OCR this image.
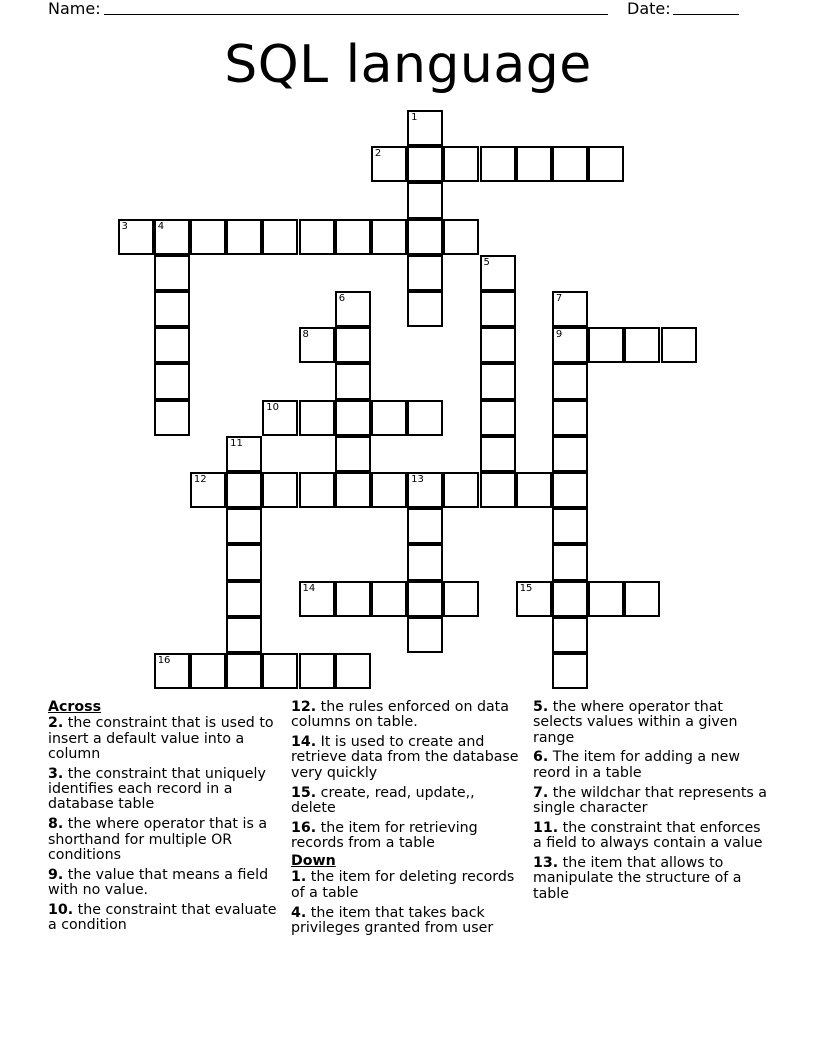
Name:	Date:
SQL language
1
2
3	4
5
6	7
9
8
10
11
12	13
14	15
16
Across
2. the constraint that is used to insert a default value into a column
3. the constraint that uniquely identifies each record in a database table
8. the where operator that is a shorthand for multiple OR conditions
9. the value that means a field with no value.
10. the constraint that evaluate a condition
12. the rules enforced on data columns on table.
14. It is used to create and retrieve data from the database very quickly
15. create, read, update,, delete
16. the item for retrieving records from a table
Down
1. the item for deleting records of a table
4. the item that takes back privileges granted from user
5. the where operator that selects values within a given range
6. The item for adding a new reord in a table
7. the wildchar that represents a single character
11. the constraint that enforces a field to always contain a value
13. the item that allows to manipulate the structure of a table
